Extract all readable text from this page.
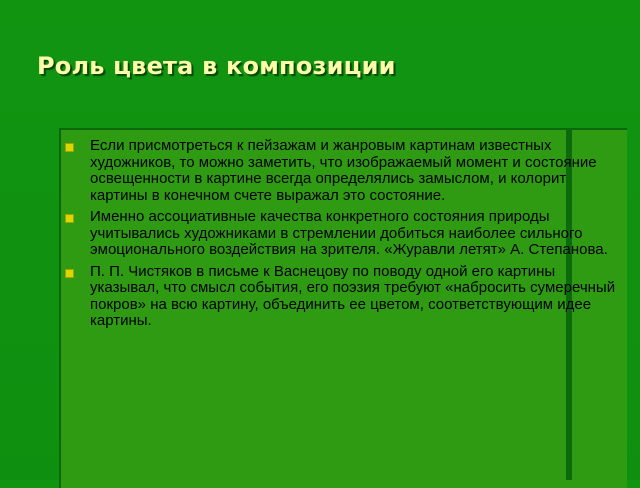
Роль цвета в композиции
Если присмотреться к пейзажам и жанровым картинам известных художников, то можно заметить, что изображаемый момент и состояние освещенности в картине всегда определялись замыслом, и колорит картины в конечном счете выражал это состояние.
Именно ассоциативные качества конкретного состояния природы учитывались художниками в стремлении добиться наиболее сильного эмоционального воздействия на зрителя. «Журавли летят» А. Степанова.
П. П. Чистяков в письме к Васнецову по поводу одной его картины указывал, что смысл события, его поэзия требуют «набросить сумеречный покров» на всю картину, объединить ее цветом, соответствующим идее картины.
